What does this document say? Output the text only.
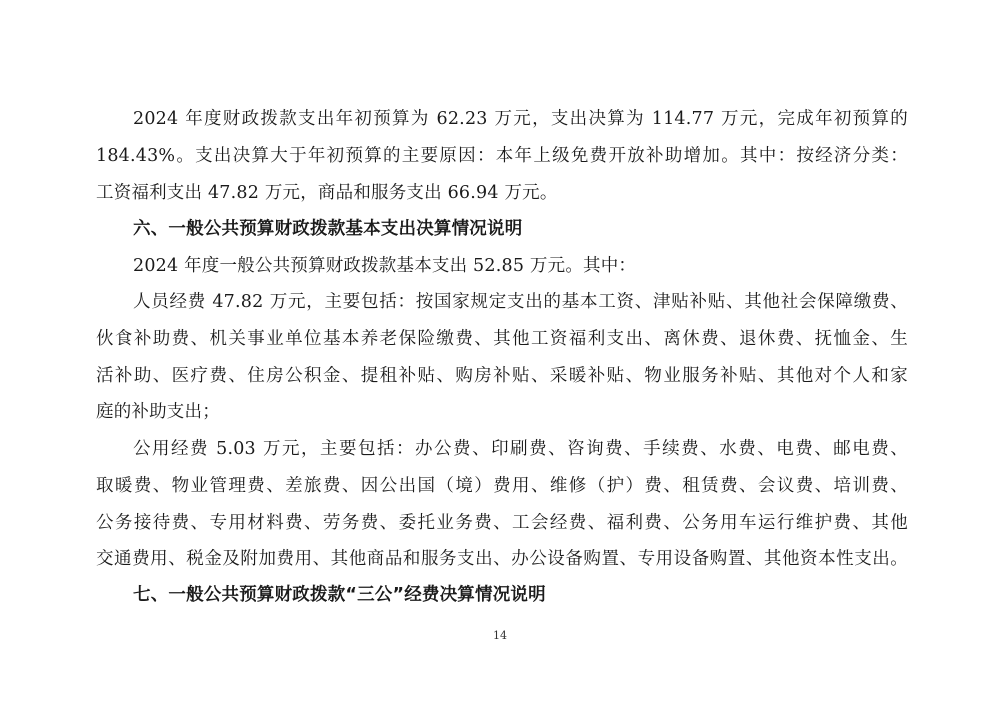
2024 年度财政拨款支出年初预算为 62.23 万元，支出决算为 114.77 万元，完成年初预算的
184.43%。支出决算大于年初预算的主要原因：本年上级免费开放补助增加。其中：按经济分类：
工资福利支出 47.82 万元，商品和服务支出 66.94 万元。
六、一般公共预算财政拨款基本支出决算情况说明
2024 年度一般公共预算财政拨款基本支出 52.85 万元。其中：
人员经费 47.82 万元，主要包括：按国家规定支出的基本工资、津贴补贴、其他社会保障缴费、
伙食补助费、机关事业单位基本养老保险缴费、其他工资福利支出、离休费、退休费、抚恤金、生
活补助、医疗费、住房公积金、提租补贴、购房补贴、采暖补贴、物业服务补贴、其他对个人和家
庭的补助支出；
公用经费 5.03 万元，主要包括：办公费、印刷费、咨询费、手续费、水费、电费、邮电费、
取暖费、物业管理费、差旅费、因公出国（境）费用、维修（护）费、租赁费、会议费、培训费、
公务接待费、专用材料费、劳务费、委托业务费、工会经费、福利费、公务用车运行维护费、其他
交通费用、税金及附加费用、其他商品和服务支出、办公设备购置、专用设备购置、其他资本性支出。
七、一般公共预算财政拨款“三公”经费决算情况说明
14
